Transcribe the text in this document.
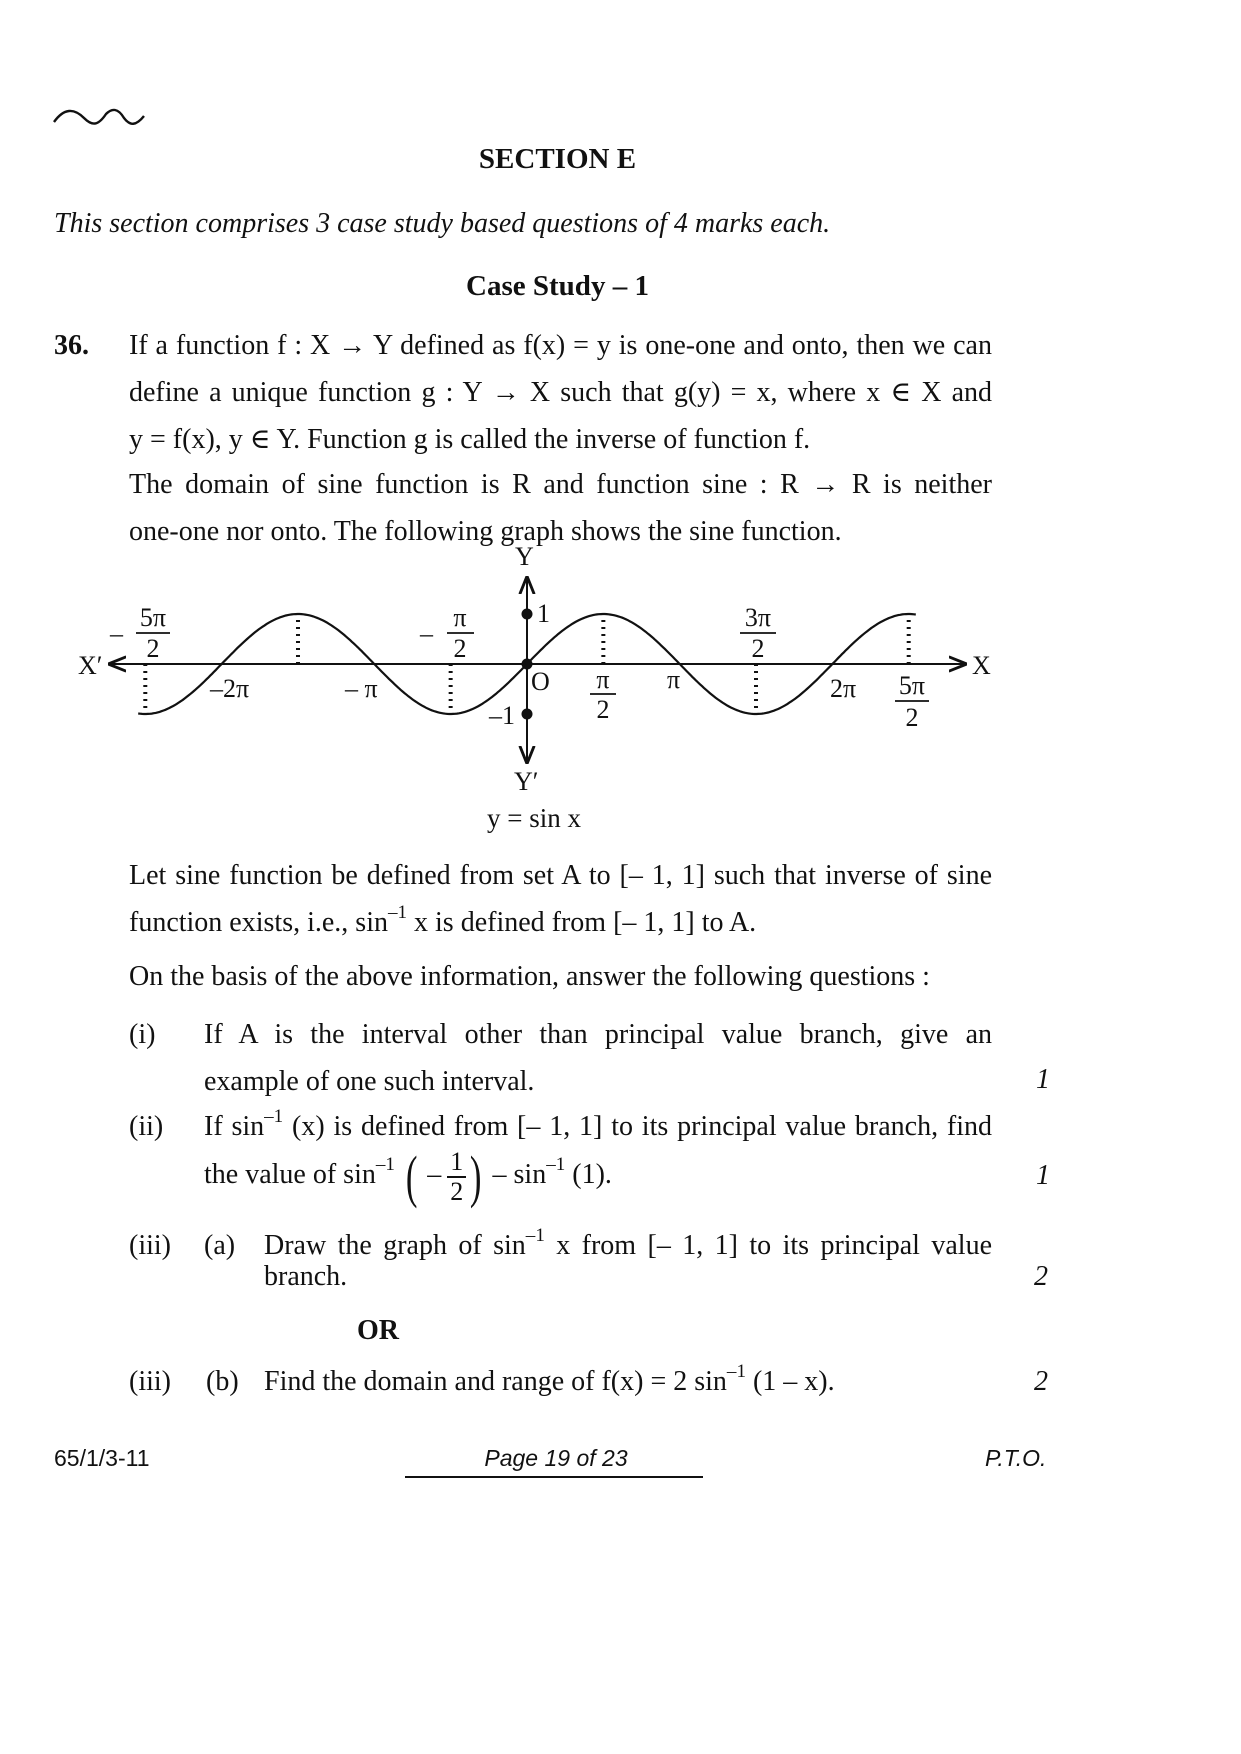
SECTION E
This section comprises 3 case study based questions of 4 marks each.
Case Study – 1
36. If a function f : X → Y defined as f(x) = y is one-one and onto, then we can
define a unique function g : Y → X such that g(y) = x, where x ∈ X and
y = f(x), y ∈ Y. Function g is called the inverse of function f.
The domain of sine function is R and function sine : R → R is neither
one-one nor onto. The following graph shows the sine function.
Y
Y′
X
X′
O
1
–1
–
5π
2
–2π	– π
–
π
2
π
2
π
3π
2
2π 5π
2
y = sin x
Let sine function be defined from set A to [– 1, 1] such that inverse of sine
function exists, i.e., $\sin^{-1} x$ is defined from [– 1, 1] to A.
On the basis of the above information, answer the following questions :
(i) If A is the interval other than principal value branch, give an
example of one such interval.	1
(ii) If $\sin^{-1} (x)$ is defined from [– 1, 1] to its principal value branch, find
the value of $\sin^{-1}$ ( – $\frac{1}{2}$ ) – $\sin^{-1} (1)$.	1
(iii) (a) Draw the graph of $\sin^{-1} x$ from [– 1, 1] to its principal value
branch.	2
OR
(iii) (b) Find the domain and range of f(x) = 2 $\sin^{-1} (1 - x)$.	2
65/1/3-11	Page 19 of 23	P.T.O.
